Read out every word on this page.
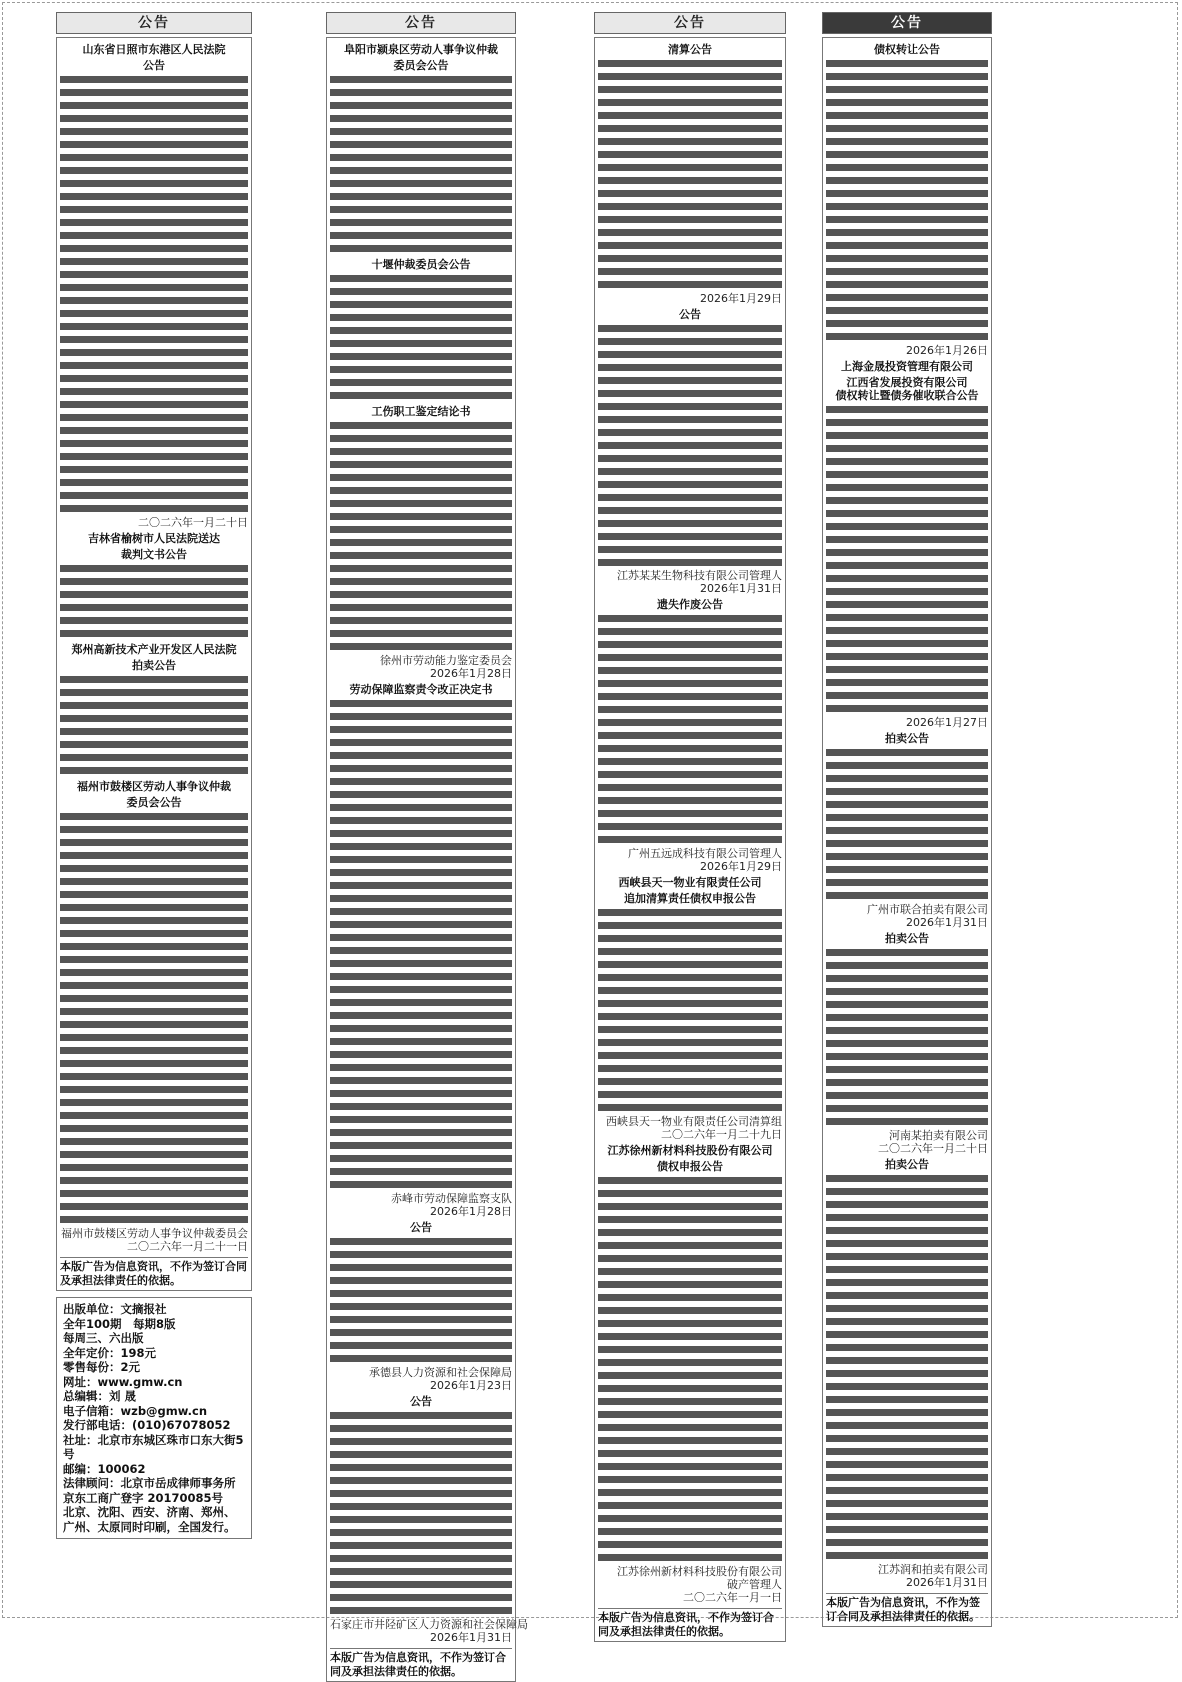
公告
山东省日照市东港区人民法院
公告
二〇二六年一月二十日
吉林省榆树市人民法院送达
裁判文书公告
郑州高新技术产业开发区人民法院
拍卖公告
福州市鼓楼区劳动人事争议仲裁
委员会公告
福州市鼓楼区劳动人事争议仲裁委员会
二〇二六年一月二十一日
本版广告为信息资讯，不作为签订合同及承担法律责任的依据。
出版单位：文摘报社
全年100期　每期8版
每周三、六出版
全年定价：198元
零售每份：2元
网址：www.gmw.cn
总编辑：刘 晟
电子信箱：wzb@gmw.cn
发行部电话：(010)67078052
社址：北京市东城区珠市口东大街5号
邮编：100062
法律顾问：北京市岳成律师事务所
京东工商广登字 20170085号
北京、沈阳、西安、济南、郑州、广州、太原同时印刷，全国发行。
公告
阜阳市颍泉区劳动人事争议仲裁
委员会公告
十堰仲裁委员会公告
工伤职工鉴定结论书
徐州市劳动能力鉴定委员会
2026年1月28日
劳动保障监察责令改正决定书
赤峰市劳动保障监察支队
2026年1月28日
公告
承德县人力资源和社会保障局
2026年1月23日
公告
石家庄市井陉矿区人力资源和社会保障局
2026年1月31日
本版广告为信息资讯，不作为签订合同及承担法律责任的依据。
公告
清算公告
2026年1月29日
公告
江苏某某生物科技有限公司管理人
2026年1月31日
遗失作废公告
广州五远成科技有限公司管理人
2026年1月29日
西峡县天一物业有限责任公司
追加清算责任债权申报公告
西峡县天一物业有限责任公司清算组
二〇二六年一月二十九日
江苏徐州新材料科技股份有限公司
债权申报公告
江苏徐州新材料科技股份有限公司
破产管理人
二〇二六年一月一日
本版广告为信息资讯，不作为签订合同及承担法律责任的依据。
公告
债权转让公告
2026年1月26日
上海金晟投资管理有限公司
江西省发展投资有限公司
债权转让暨债务催收联合公告
2026年1月27日
拍卖公告
广州市联合拍卖有限公司
2026年1月31日
拍卖公告
河南某拍卖有限公司
二〇二六年一月二十日
拍卖公告
江苏润和拍卖有限公司
2026年1月31日
本版广告为信息资讯，不作为签订合同及承担法律责任的依据。
